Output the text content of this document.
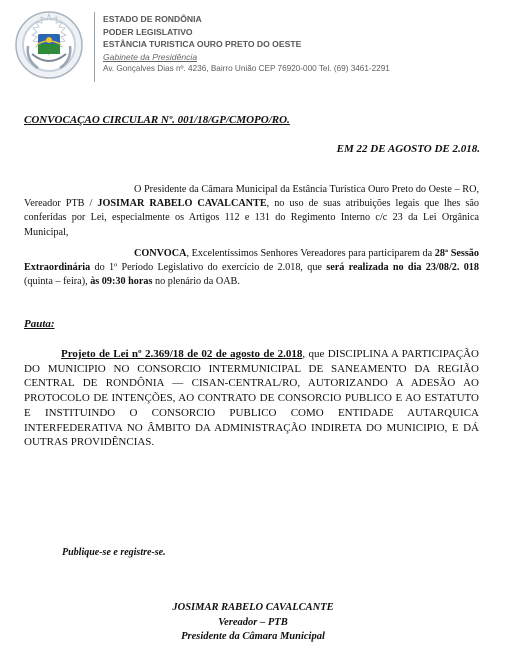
ESTADO DE RONDÔNIA
PODER LEGISLATIVO
ESTÂNCIA TURISTICA OURO PRETO DO OESTE
Gabinete da Presidência
Av. Gonçalves Dias nº. 4236, Bairro União CEP 76920-000 Tel. (69) 3461-2291
CONVOCAÇAO CIRCULAR Nº. 001/18/GP/CMOPO/RO.
EM 22 DE AGOSTO DE 2.018.
O Presidente da Câmara Municipal da Estância Turística Ouro Preto do Oeste – RO, Vereador PTB / JOSIMAR RABELO CAVALCANTE, no uso de suas atribuições legais que lhes são conferidas por Lei, especialmente os Artigos 112 e 131 do Regimento Interno c/c 23 da Lei Orgânica Municipal,
CONVOCA, Excelentíssimos Senhores Vereadores para participarem da 28ª Sessão Extraordinária do 1º Período Legislativo do exercício de 2.018, que será realizada no dia 23/08/2. 018 (quinta – feira), às 09:30 horas no plenário da OAB.
Pauta:
Projeto de Lei nº 2.369/18 de 02 de agosto de 2.018, que DISCIPLINA A PARTICIPAÇÃO DO MUNICIPIO NO CONSORCIO INTERMUNICIPAL DE SANEAMENTO DA REGIÃO CENTRAL DE RONDÔNIA — CISAN-CENTRAL/RO, AUTORIZANDO A ADESÃO AO PROTOCOLO DE INTENÇÕES, AO CONTRATO DE CONSORCIO PUBLICO E AO ESTATUTO E INSTITUINDO O CONSORCIO PUBLICO COMO ENTIDADE AUTARQUICA INTERFEDERATIVA NO ÂMBITO DA ADMINISTRAÇÃO INDIRETA DO MUNICIPIO, E DÁ OUTRAS PROVIDÊNCIAS.
Publique-se e registre-se.
JOSIMAR RABELO CAVALCANTE
Vereador – PTB
Presidente da Câmara Municipal
